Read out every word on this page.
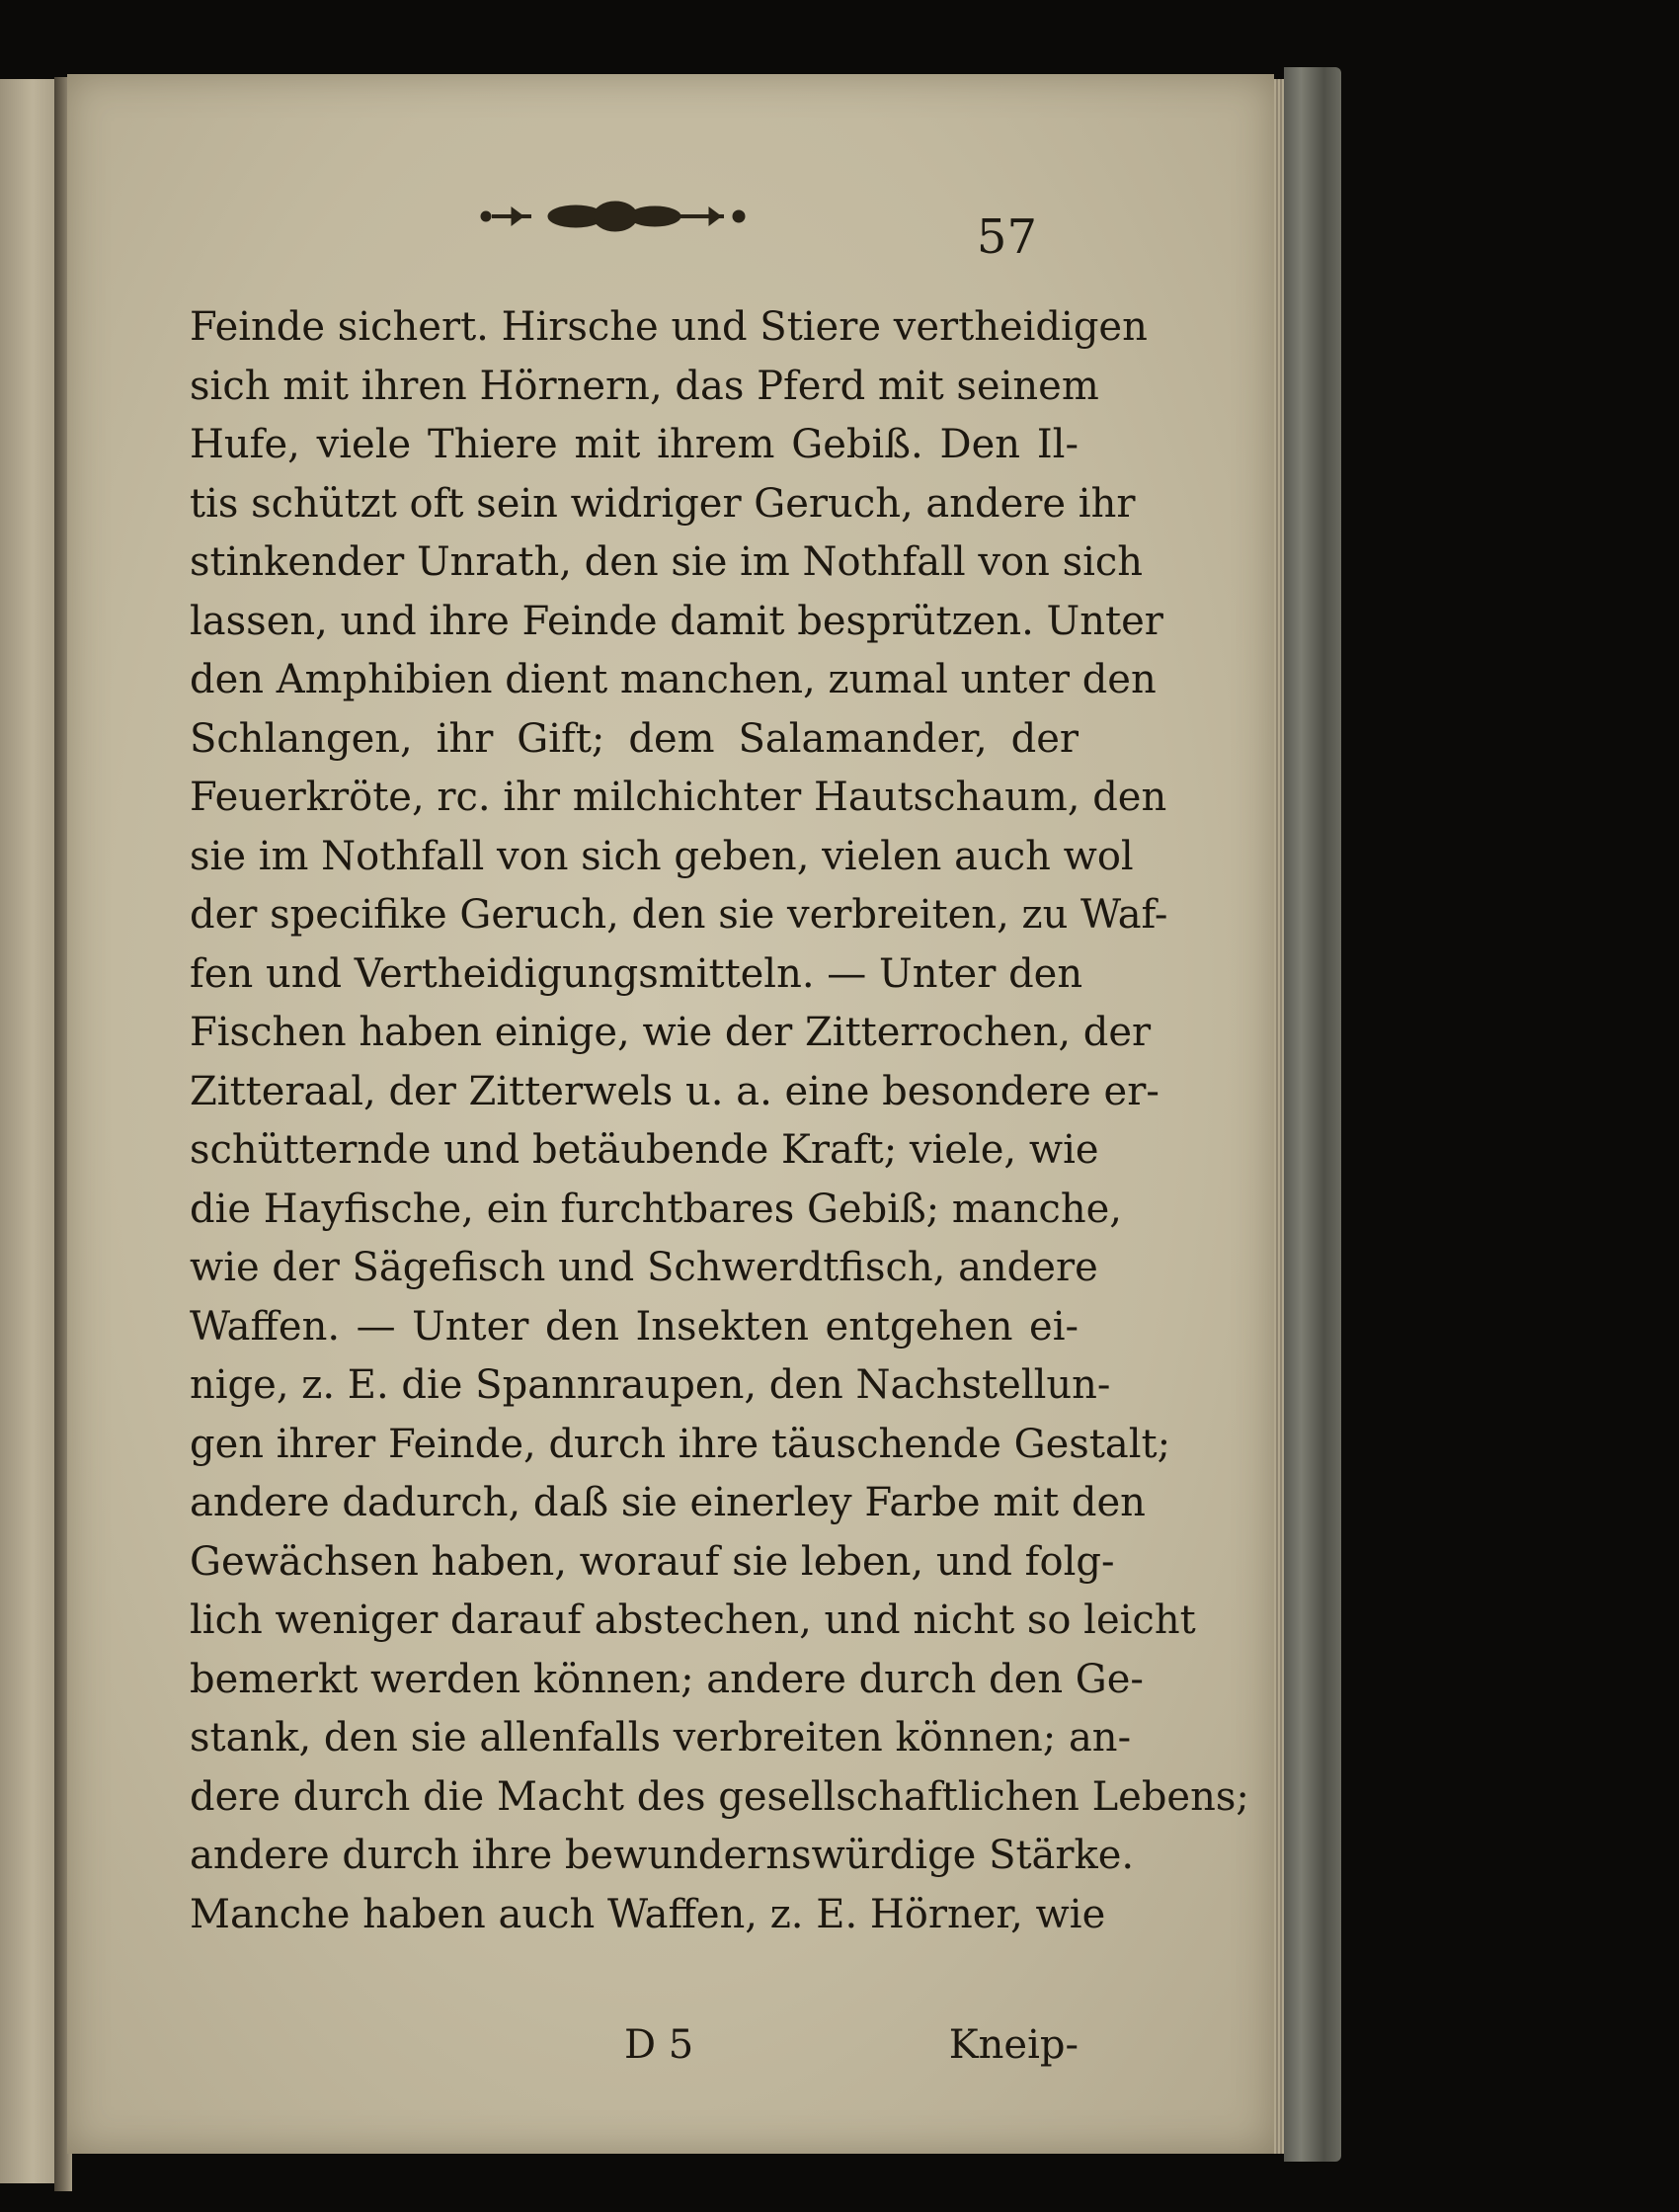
57
Feinde sichert. Hirsche und Stiere vertheidigen
sich mit ihren Hörnern, das Pferd mit seinem
Hufe, viele Thiere mit ihrem Gebiß. Den Il-
tis schützt oft sein widriger Geruch, andere ihr
stinkender Unrath, den sie im Nothfall von sich
lassen, und ihre Feinde damit besprützen. Unter
den Amphibien dient manchen, zumal unter den
Schlangen, ihr Gift; dem Salamander, der
Feuerkröte, rc. ihr milchichter Hautschaum, den
sie im Nothfall von sich geben, vielen auch wol
der specifike Geruch, den sie verbreiten, zu Waf-
fen und Vertheidigungsmitteln. — Unter den
Fischen haben einige, wie der Zitterrochen, der
Zitteraal, der Zitterwels u. a. eine besondere er-
schütternde und betäubende Kraft; viele, wie
die Hayfische, ein furchtbares Gebiß; manche,
wie der Sägefisch und Schwerdtfisch, andere
Waffen. — Unter den Insekten entgehen ei-
nige, z. E. die Spannraupen, den Nachstellun-
gen ihrer Feinde, durch ihre täuschende Gestalt;
andere dadurch, daß sie einerley Farbe mit den
Gewächsen haben, worauf sie leben, und folg-
lich weniger darauf abstechen, und nicht so leicht
bemerkt werden können; andere durch den Ge-
stank, den sie allenfalls verbreiten können; an-
dere durch die Macht des gesellschaftlichen Lebens;
andere durch ihre bewundernswürdige Stärke.
Manche haben auch Waffen, z. E. Hörner, wie
D 5	Kneip-
